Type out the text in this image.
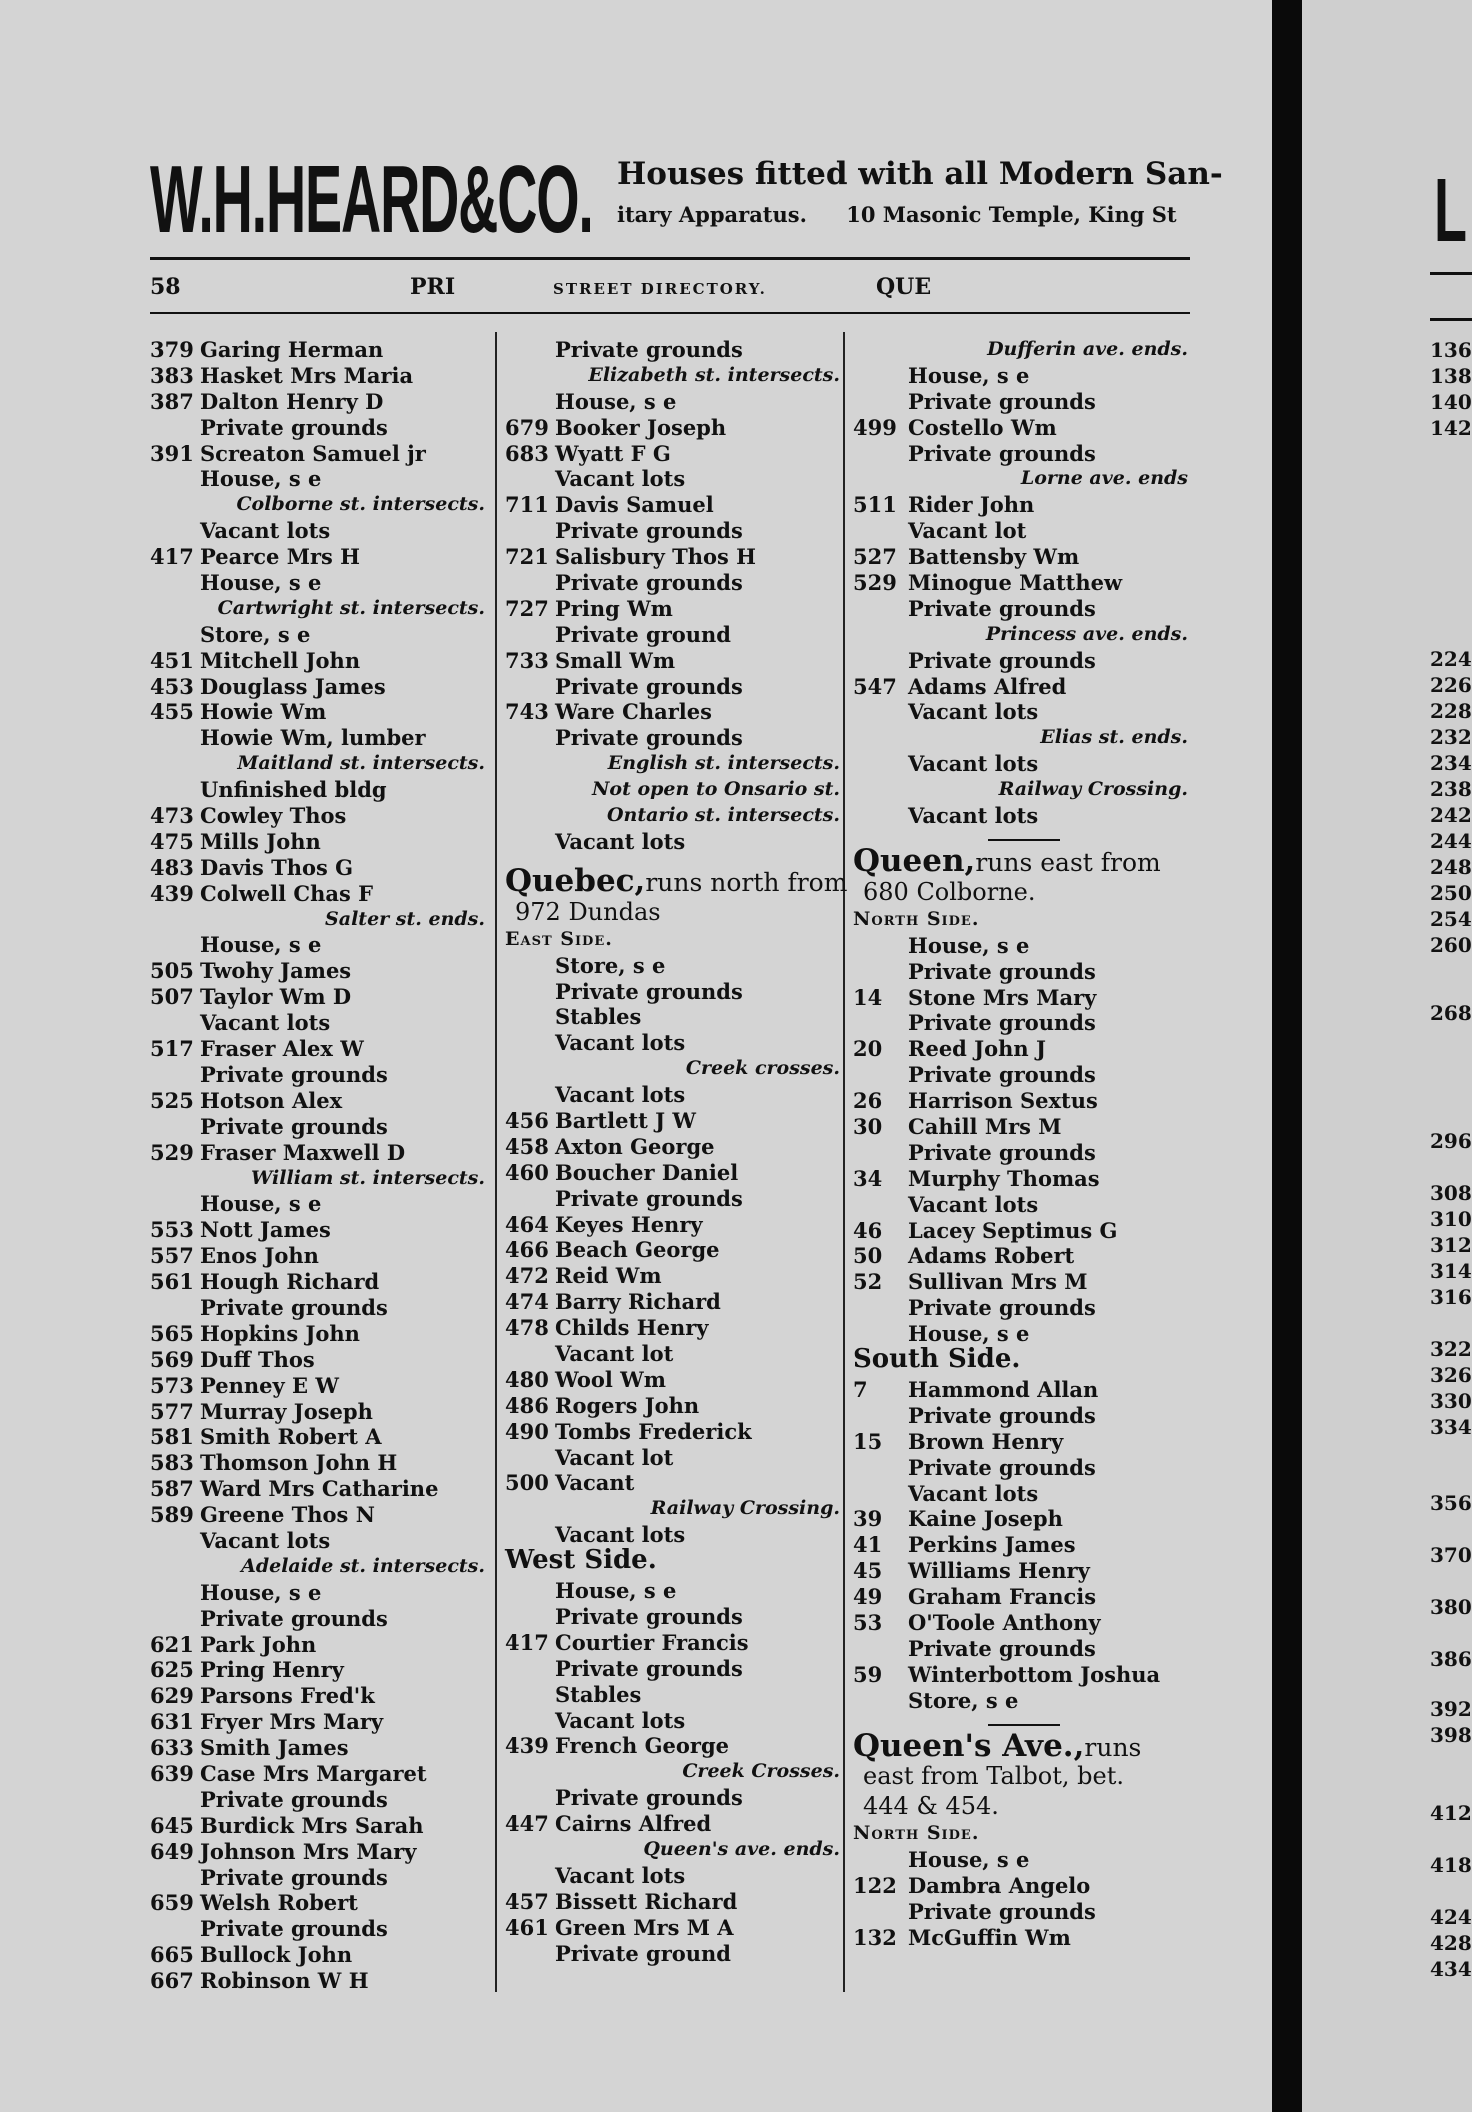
W.H.HEARD&CO. Houses fitted with all Modern San-
itary Apparatus. 10 Masonic Temple, King St
58	PRI	STREET DIRECTORY.	QUE
379 Garing Herman
383 Hasket Mrs Maria
387 Dalton Henry D
Private grounds
391 Screaton Samuel jr
House, s e
Colborne st. intersects.
Vacant lots
417 Pearce Mrs H
House, s e
Cartwright st. intersects.
Store, s e
451 Mitchell John
453 Douglass James
455 Howie Wm
Howie Wm, lumber
Maitland st. intersects.
Unfinished bldg
473 Cowley Thos
475 Mills John
483 Davis Thos G
439 Colwell Chas F
Salter st. ends.
House, s e
505 Twohy James
507 Taylor Wm D
Vacant lots
517 Fraser Alex W
Private grounds
525 Hotson Alex
Private grounds
529 Fraser Maxwell D
William st. intersects.
House, s e
553 Nott James
557 Enos John
561 Hough Richard
Private grounds
565 Hopkins John
569 Duff Thos
573 Penney E W
577 Murray Joseph
581 Smith Robert A
583 Thomson John H
587 Ward Mrs Catharine
589 Greene Thos N
Vacant lots
Adelaide st. intersects.
House, s e
Private grounds
621 Park John
625 Pring Henry
629 Parsons Fred'k
631 Fryer Mrs Mary
633 Smith James
639 Case Mrs Margaret
Private grounds
645 Burdick Mrs Sarah
649 Johnson Mrs Mary
Private grounds
659 Welsh Robert
Private grounds
665 Bullock John
667 Robinson W H
Private grounds
Elizabeth st. intersects.
House, s e
679 Booker Joseph
683 Wyatt F G
Vacant lots
711 Davis Samuel
Private grounds
721 Salisbury Thos H
Private grounds
727 Pring Wm
Private ground
733 Small Wm
Private grounds
743 Ware Charles
Private grounds
English st. intersects.
Not open to Onsario st.
Ontario st. intersects.
Vacant lots
Quebec,runs north from
972 Dundas
East Side.
Store, s e
Private grounds
Stables
Vacant lots
Creek crosses.
Vacant lots
456 Bartlett J W
458 Axton George
460 Boucher Daniel
Private grounds
464 Keyes Henry
466 Beach George
472 Reid Wm
474 Barry Richard
478 Childs Henry
Vacant lot
480 Wool Wm
486 Rogers John
490 Tombs Frederick
Vacant lot
500 Vacant
Railway Crossing.
Vacant lots
West Side.
House, s e
Private grounds
417 Courtier Francis
Private grounds
Stables
Vacant lots
439 French George
Creek Crosses.
Private grounds
447 Cairns Alfred
Queen's ave. ends.
Vacant lots
457 Bissett Richard
461 Green Mrs M A
Private ground
Dufferin ave. ends.
House, s e
Private grounds
499 Costello Wm
Private grounds
Lorne ave. ends
511 Rider John
Vacant lot
527 Battensby Wm
529 Minogue Matthew
Private grounds
Princess ave. ends.
Private grounds
547 Adams Alfred
Vacant lots
Elias st. ends.
Vacant lots
Railway Crossing.
Vacant lots
Queen,runs east from
680 Colborne.
North Side.
House, s e
Private grounds
14	Stone Mrs Mary
Private grounds
20	Reed John J
Private grounds
26	Harrison Sextus
30	Cahill Mrs M
Private grounds
34	Murphy Thomas
Vacant lots
46	Lacey Septimus G
50	Adams Robert
52	Sullivan Mrs M
Private grounds
House, s e
South Side.
7	Hammond Allan
Private grounds
15	Brown Henry
Private grounds
Vacant lots
39	Kaine Joseph
41	Perkins James
45	Williams Henry
49	Graham Francis
53	O'Toole Anthony
Private grounds
59	Winterbottom Joshua
Store, s e
Queen's Ave.,runs
east from Talbot, bet.
444 & 454.
North Side.
House, s e
122 Dambra Angelo
Private grounds
132 McGuffin Wm
L
136
138
140
142
224
226
228
232
234
238
242
244
248
250
254
260
268
296
308
310
312
314
316
322
326
330
334
356
370
380
386
392
398
412
418
424
428
434
